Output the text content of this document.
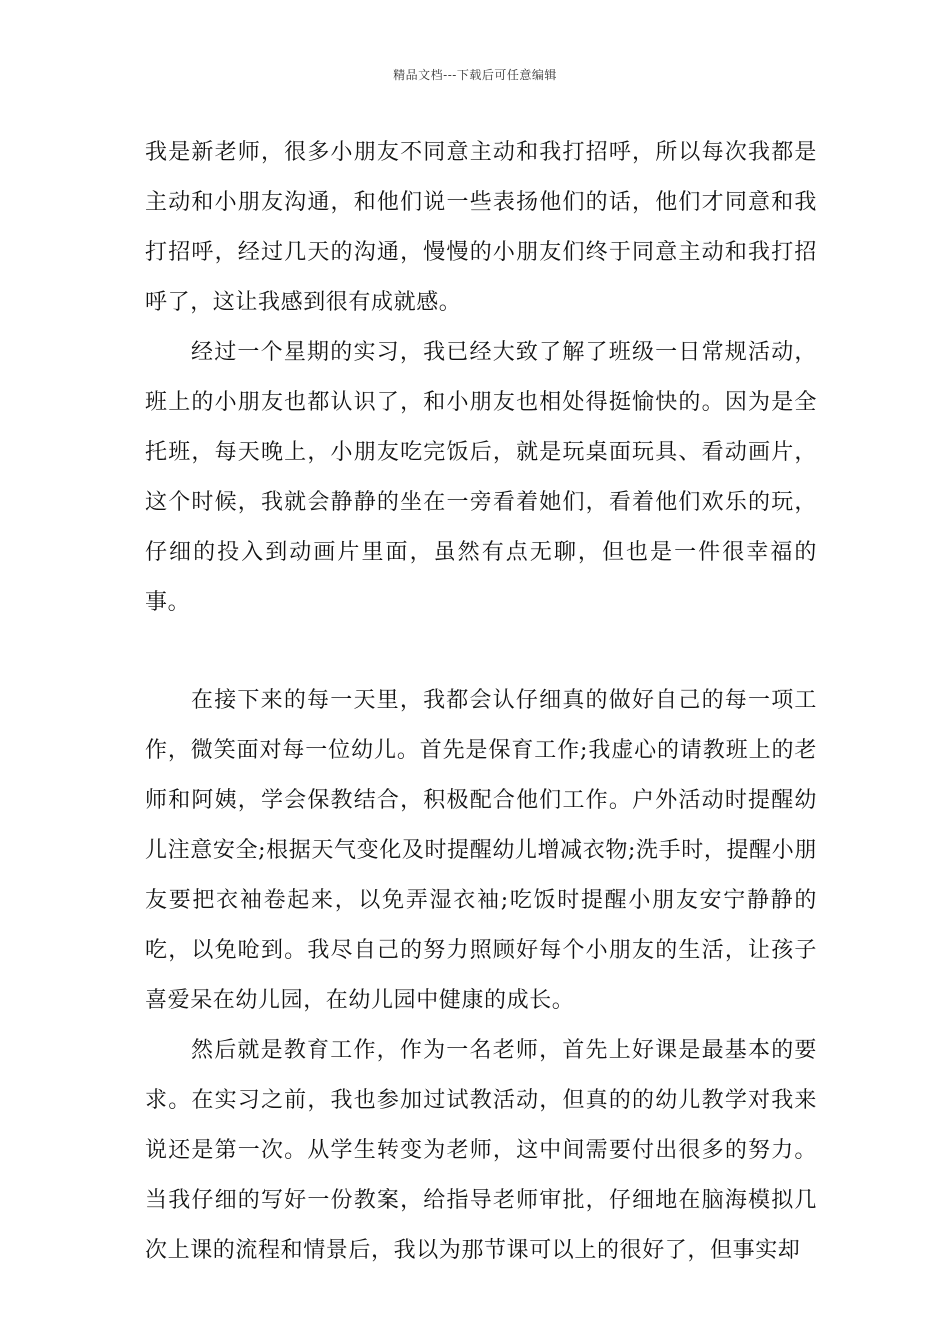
精品文档---下载后可任意编辑

我是新老师，很多小朋友不同意主动和我打招呼，所以每次我都是主动和小朋友沟通，和他们说一些表扬他们的话，他们才同意和我打招呼，经过几天的沟通，慢慢的小朋友们终于同意主动和我打招呼了，这让我感到很有成就感。

经过一个星期的实习，我已经大致了解了班级一日常规活动，班上的小朋友也都认识了，和小朋友也相处得挺愉快的。因为是全托班，每天晚上，小朋友吃完饭后，就是玩桌面玩具、看动画片，这个时候，我就会静静的坐在一旁看着她们，看着他们欢乐的玩，仔细的投入到动画片里面，虽然有点无聊，但也是一件很幸福的事。

在接下来的每一天里，我都会认仔细真的做好自己的每一项工作，微笑面对每一位幼儿。首先是保育工作;我虚心的请教班上的老师和阿姨，学会保教结合，积极配合他们工作。户外活动时提醒幼儿注意安全;根据天气变化及时提醒幼儿增减衣物;洗手时，提醒小朋友要把衣袖卷起来，以免弄湿衣袖;吃饭时提醒小朋友安宁静静的吃，以免呛到。我尽自己的努力照顾好每个小朋友的生活，让孩子喜爱呆在幼儿园，在幼儿园中健康的成长。

然后就是教育工作，作为一名老师，首先上好课是最基本的要求。在实习之前，我也参加过试教活动，但真的的幼儿教学对我来说还是第一次。从学生转变为老师，这中间需要付出很多的努力。当我仔细的写好一份教案，给指导老师审批，仔细地在脑海模拟几次上课的流程和情景后，我以为那节课可以上的很好了，但事实却
